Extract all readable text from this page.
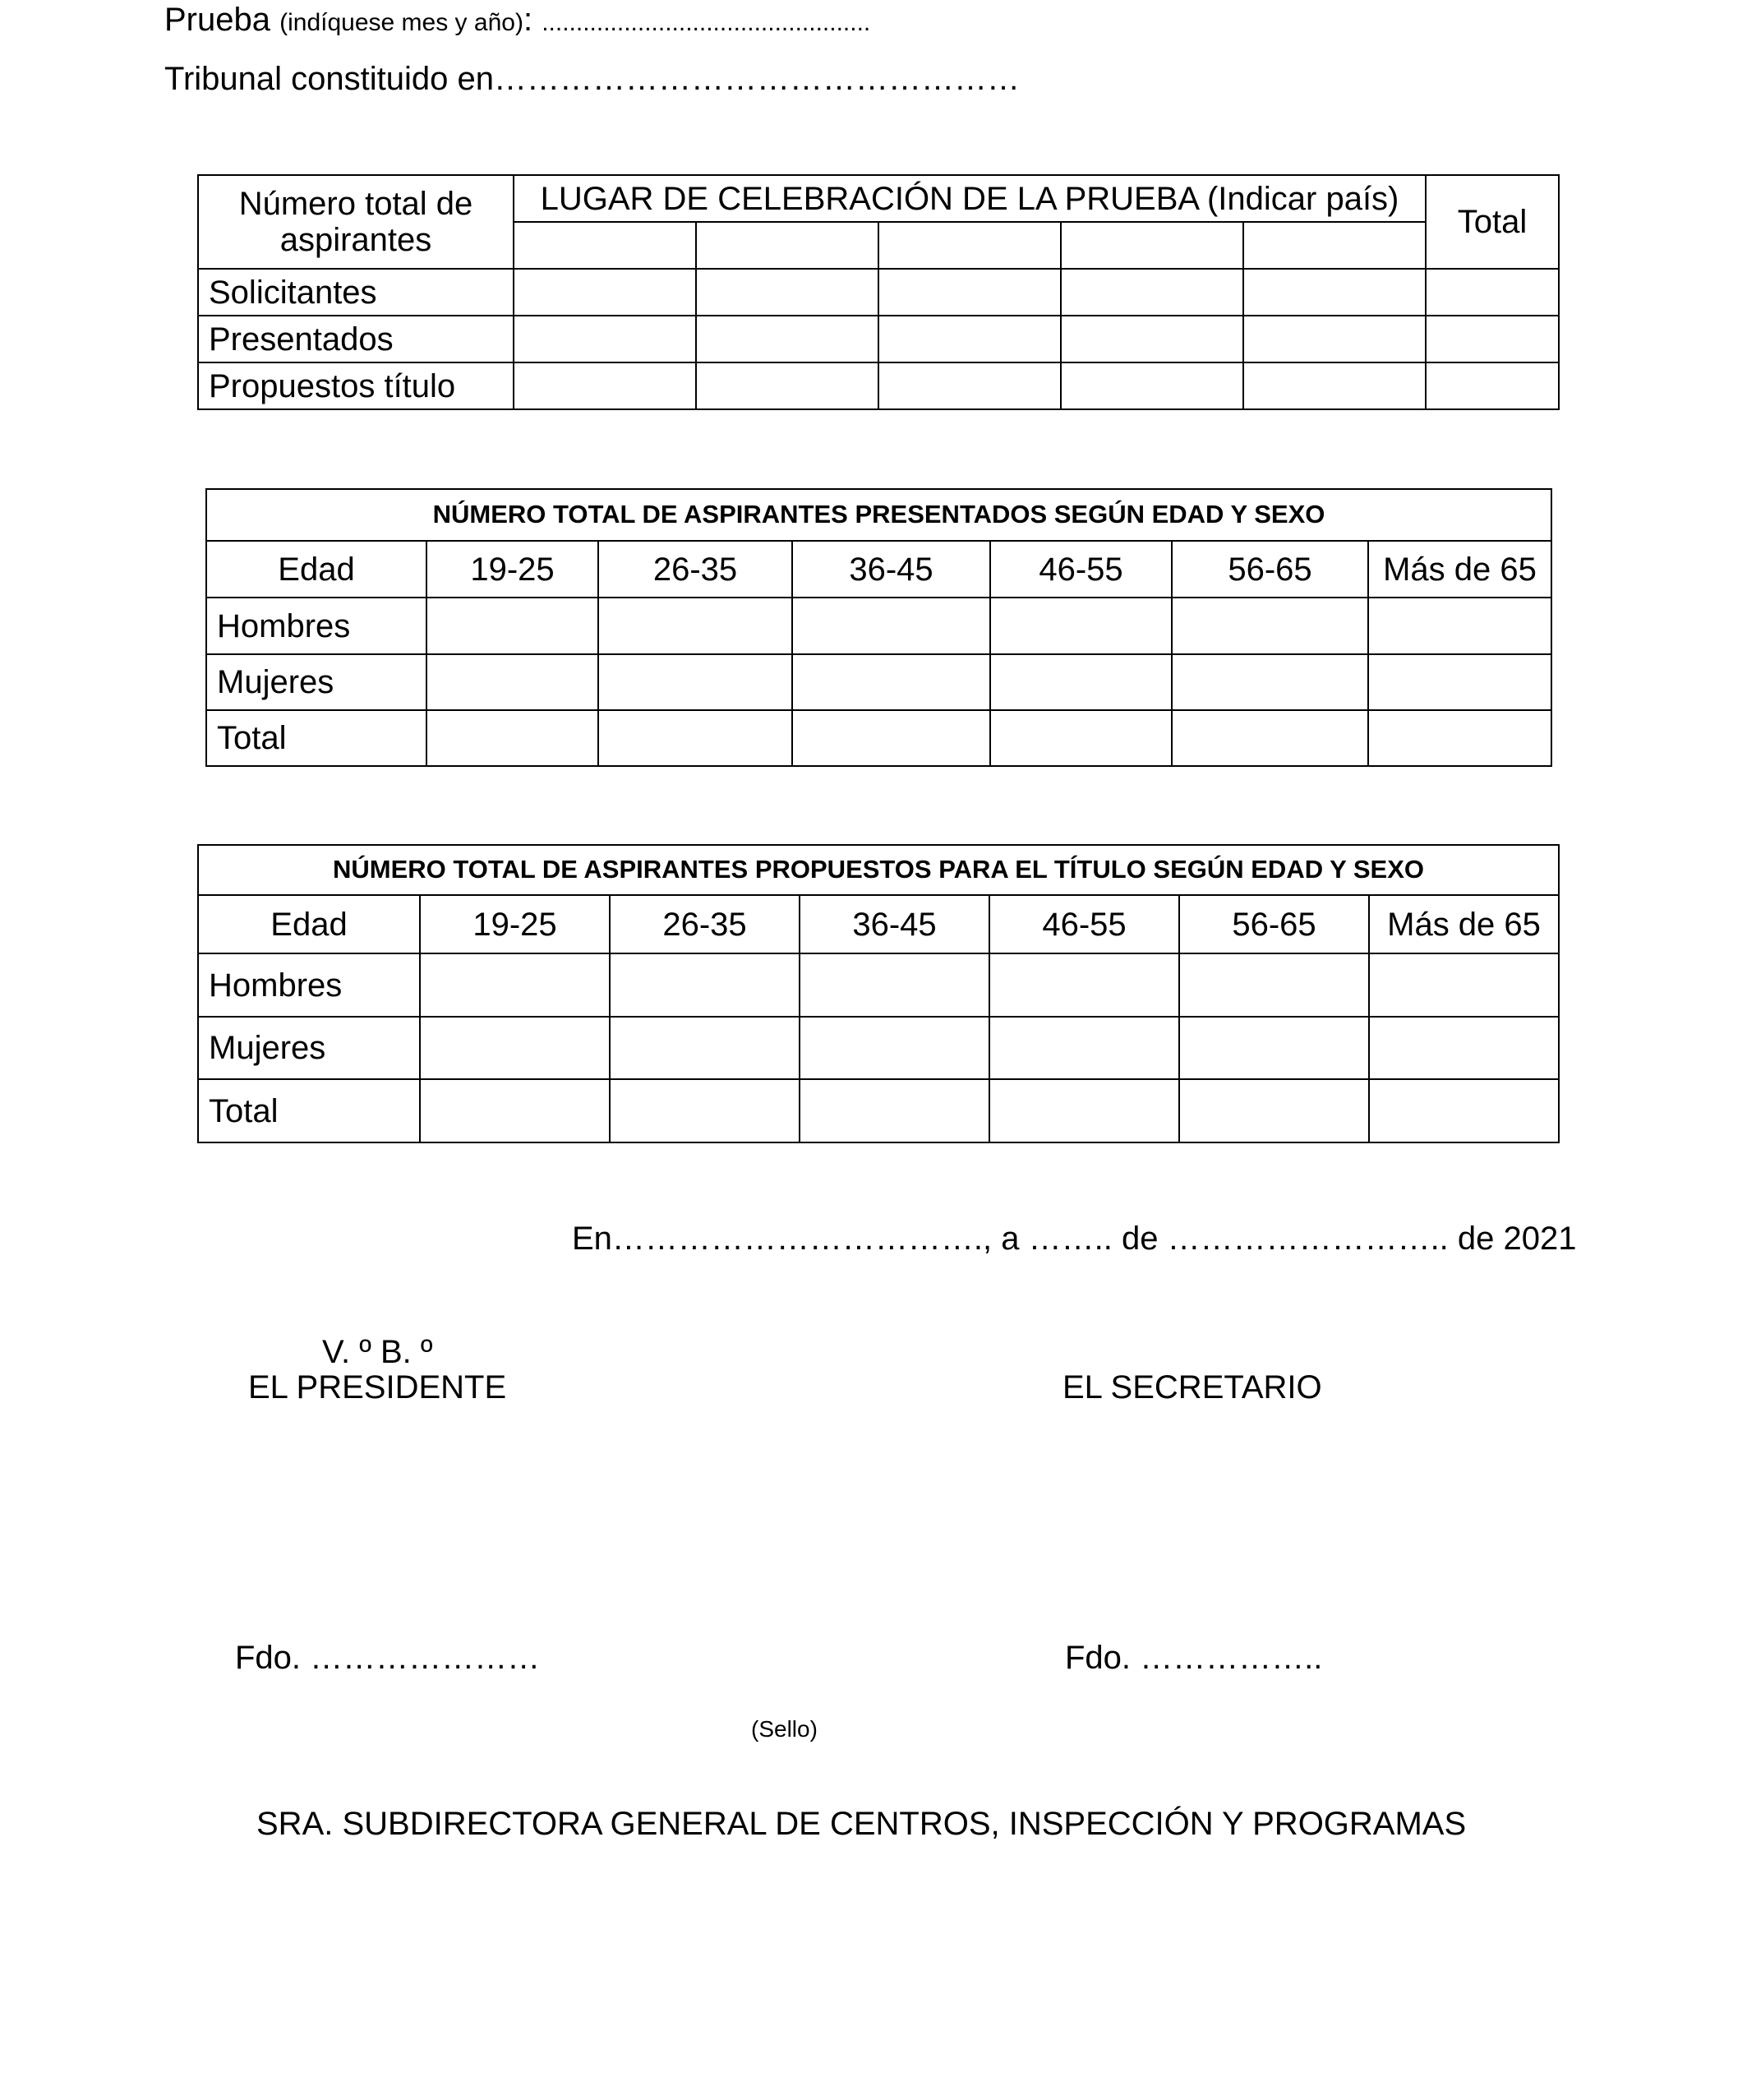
Prueba (indíquese mes y año): ................................................
Tribunal constituido en…………………………………………
Número total de aspirantes	LUGAR DE CELEBRACIÓN DE LA PRUEBA (Indicar país)					Total

Solicitantes						
Presentados						
Propuestos título						
NÚMERO TOTAL DE ASPIRANTES PRESENTADOS SEGÚN EDAD Y SEXO						
Edad	19-25	26-35	36-45	46-55	56-65	Más de 65
Hombres						
Mujeres						
Total						
NÚMERO TOTAL DE ASPIRANTES PROPUESTOS PARA EL TÍTULO SEGÚN EDAD Y SEXO						
Edad	19-25	26-35	36-45	46-55	56-65	Más de 65
Hombres						
Mujeres						
Total						
En……………………………., a …….. de …………………….. de 2021
V. º B. º
EL PRESIDENTE	EL SECRETARIO
Fdo. …………………	Fdo. ……………..
(Sello)
SRA. SUBDIRECTORA GENERAL DE CENTROS, INSPECCIÓN Y PROGRAMAS
